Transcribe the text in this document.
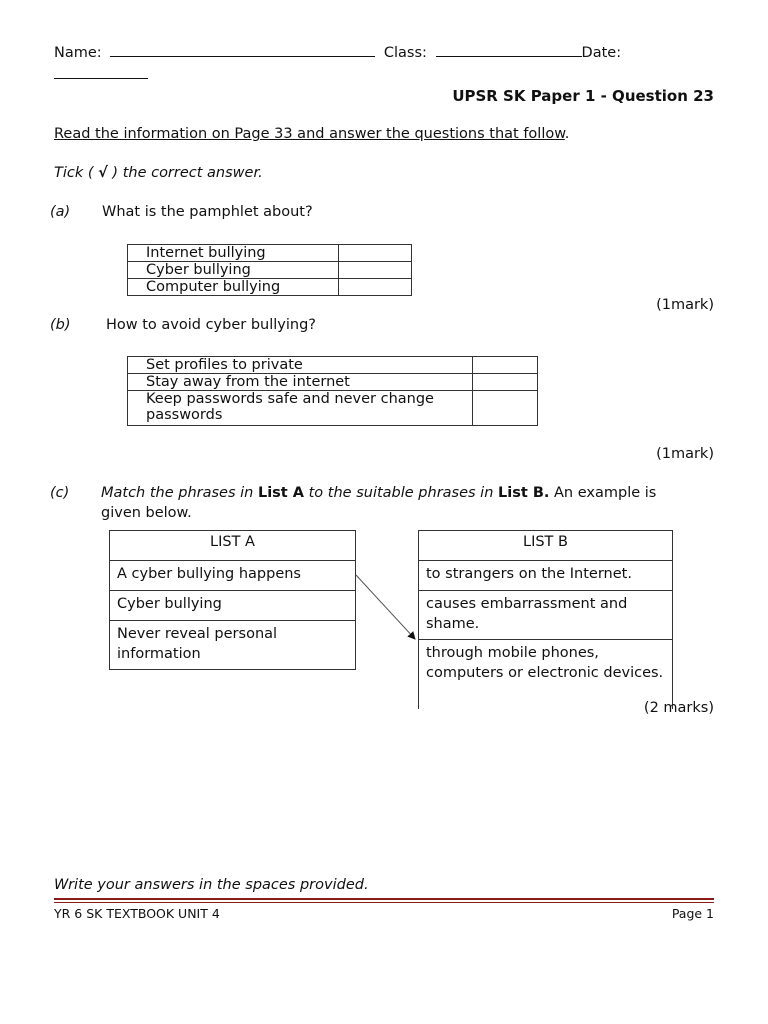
Name:	Class:	Date:
UPSR SK Paper 1 - Question 23
Read the information on Page 33 and answer the questions that follow.
Tick ( √ ) the correct answer.
(a) What is the pamphlet about?
Internet bullying	
Cyber bullying	
Computer bullying	
(1mark)
(b) How to avoid cyber bullying?
Set profiles to private	
Stay away from the internet	
Keep passwords safe and never change passwords	
(1mark)
(c) Match the phrases in List A to the suitable phrases in List B. An example is
given below.
LIST A
A cyber bullying happens
Cyber bullying
Never reveal personal information
LIST B
to strangers on the Internet.
causes embarrassment and shame.
through mobile phones, computers or electronic devices.
(2 marks)
Write your answers in the spaces provided.
YR 6 SK TEXTBOOK UNIT 4	Page 1
